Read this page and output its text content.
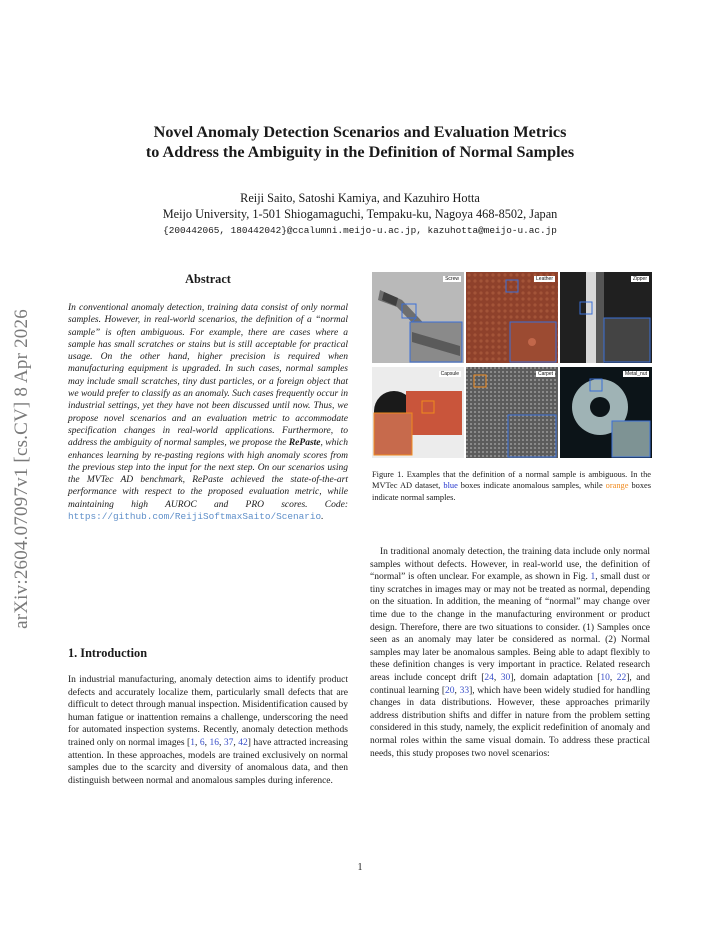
arXiv:2604.07097v1 [cs.CV] 8 Apr 2026
Novel Anomaly Detection Scenarios and Evaluation Metrics
to Address the Ambiguity in the Definition of Normal Samples
Reiji Saito, Satoshi Kamiya, and Kazuhiro Hotta
Meijo University, 1-501 Shiogamaguchi, Tempaku-ku, Nagoya 468-8502, Japan
{200442065, 180442042}@ccalumni.meijo-u.ac.jp, kazuhotta@meijo-u.ac.jp
Abstract
In conventional anomaly detection, training data consist of only normal samples. However, in real-world scenarios, the definition of a “normal sample” is often ambiguous. For example, there are cases where a sample has small scratches or stains but is still acceptable for practical usage. On the other hand, higher precision is required when manufacturing equipment is upgraded. In such cases, normal samples may include small scratches, tiny dust particles, or a foreign object that we would prefer to classify as an anomaly. Such cases frequently occur in industrial settings, yet they have not been discussed until now. Thus, we propose novel scenarios and an evaluation metric to accommodate specification changes in real-world applications. Furthermore, to address the ambiguity of normal samples, we propose the RePaste, which enhances learning by re-pasting regions with high anomaly scores from the previous step into the input for the next step. On our scenarios using the MVTec AD benchmark, RePaste achieved the state-of-the-art performance with respect to the proposed evaluation metric, while maintaining high AUROC and PRO scores. Code: https://github.com/ReijiSoftmaxSaito/Scenario.
1. Introduction
In industrial manufacturing, anomaly detection aims to identify product defects and accurately localize them, particularly small defects that are difficult to detect through manual inspection. Misidentification caused by human fatigue or inattention remains a challenge, underscoring the need for automated inspection systems. Recently, anomaly detection methods trained only on normal images [1, 6, 16, 37, 42] have attracted increasing attention. In these approaches, models are trained exclusively on normal samples due to the scarcity and diversity of anomalous data, and then distinguish between normal and anomalous samples during inference.
Screw	Leather	Zipper
Capsule	Carpet	Metal_nut
Figure 1. Examples that the definition of a normal sample is ambiguous. In the MVTec AD dataset, blue boxes indicate anomalous samples, while orange boxes indicate normal samples.
In traditional anomaly detection, the training data include only normal samples without defects. However, in real-world use, the definition of “normal” is often unclear. For example, as shown in Fig. 1, small dust or tiny scratches in images may or may not be treated as normal, depending on the situation. In addition, the meaning of “normal” may change over time due to the change in the manufacturing environment or product design. Therefore, there are two situations to consider. (1) Samples once seen as an anomaly may later be considered as normal. (2) Normal samples may later be anomalous samples. Being able to adapt flexibly to these definition changes is very important in practice. Related research areas include concept drift [24, 30], domain adaptation [10, 22], and continual learning [20, 33], which have been widely studied for handling changes in data distributions. However, these approaches primarily address distribution shifts and differ in nature from the problem setting considered in this study, namely, the explicit redefinition of anomaly and normal roles within the same visual domain. To address these practical needs, this study proposes two novel scenarios:
1
